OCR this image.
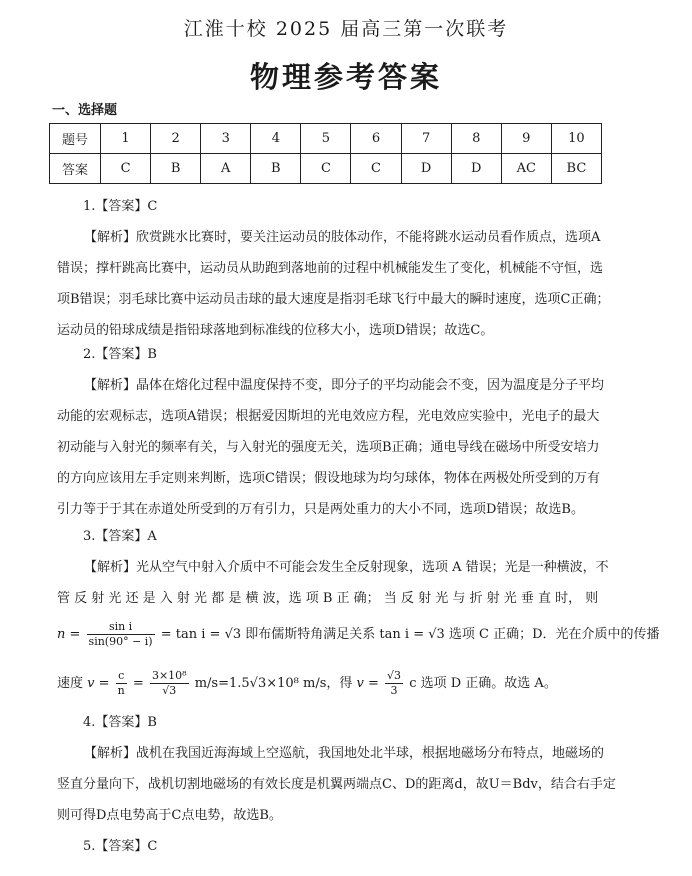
江淮十校 2025 届高三第一次联考
物理参考答案
一、选择题
题号	1	2	3	4	5	6	7	8	9	10
答案	C	B	A	B	C	C	D	D	AC	BC
1.【答案】C
【解析】欣赏跳水比赛时，要关注运动员的肢体动作，不能将跳水运动员看作质点，选项A
错误；撑杆跳高比赛中，运动员从助跑到落地前的过程中机械能发生了变化，机械能不守恒，选
项B错误；羽毛球比赛中运动员击球的最大速度是指羽毛球飞行中最大的瞬时速度，选项C正确；
运动员的铅球成绩是指铅球落地到标准线的位移大小，选项D错误；故选C。
2.【答案】B
【解析】晶体在熔化过程中温度保持不变，即分子的平均动能会不变，因为温度是分子平均
动能的宏观标志，选项A错误；根据爱因斯坦的光电效应方程，光电效应实验中，光电子的最大
初动能与入射光的频率有关，与入射光的强度无关，选项B正确；通电导线在磁场中所受安培力
的方向应该用左手定则来判断，选项C错误；假设地球为均匀球体，物体在两极处所受到的万有
引力等于于其在赤道处所受到的万有引力，只是两处重力的大小不同，选项D错误；故选B。
3.【答案】A
【解析】光从空气中射入介质中不可能会发生全反射现象，选项 A 错误；光是一种横波，不
管 反 射 光 还 是 入 射 光 都 是 横 波，选 项 B 正 确； 当 反 射 光 与 折 射 光 垂 直 时， 则
$n = \frac{\text{sin i}}{\sin(90^\circ - i)} = \tan i = √3$ 即布儒斯特角满足关系 tan i = √3 选项 C 正确；D．光在介质中的传播
速度 $v = \frac{c}{n} = \frac{\text{3×10⁸}}{√3} m/s=1.5√3\times 10^8$ m/s，得 $v = \frac{√3}{3}$ c 选项 D 正确。故选 A。
4.【答案】B
【解析】战机在我国近海海域上空巡航，我国地处北半球，根据地磁场分布特点，地磁场的
竖直分量向下，战机切割地磁场的有效长度是机翼两端点C、D的距离d，故U＝Bdv，结合右手定
则可得D点电势高于C点电势，故选B。
5.【答案】C
